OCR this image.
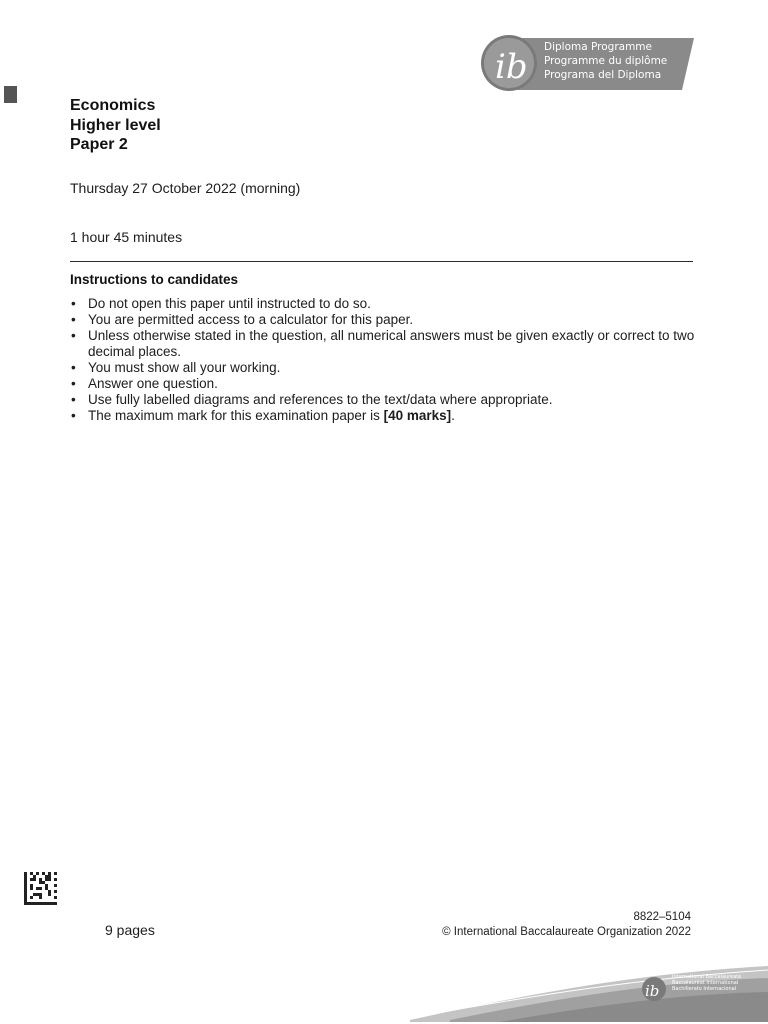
ib Diploma Programme
Programme du diplôme
Programa del Diploma
Economics
Higher level
Paper 2
Thursday 27 October 2022 (morning)
1 hour 45 minutes
Instructions to candidates
• Do not open this paper until instructed to do so.
• You are permitted access to a calculator for this paper.
• Unless otherwise stated in the question, all numerical answers must be given exactly or correct to two decimal places.
• You must show all your working.
• Answer one question.
• Use fully labelled diagrams and references to the text/data where appropriate.
• The maximum mark for this examination paper is [40 marks].
9 pages
8822–5104
© International Baccalaureate Organization 2022
ib
International Baccalaureate
Baccalauréat International
Bachillerato Internacional
